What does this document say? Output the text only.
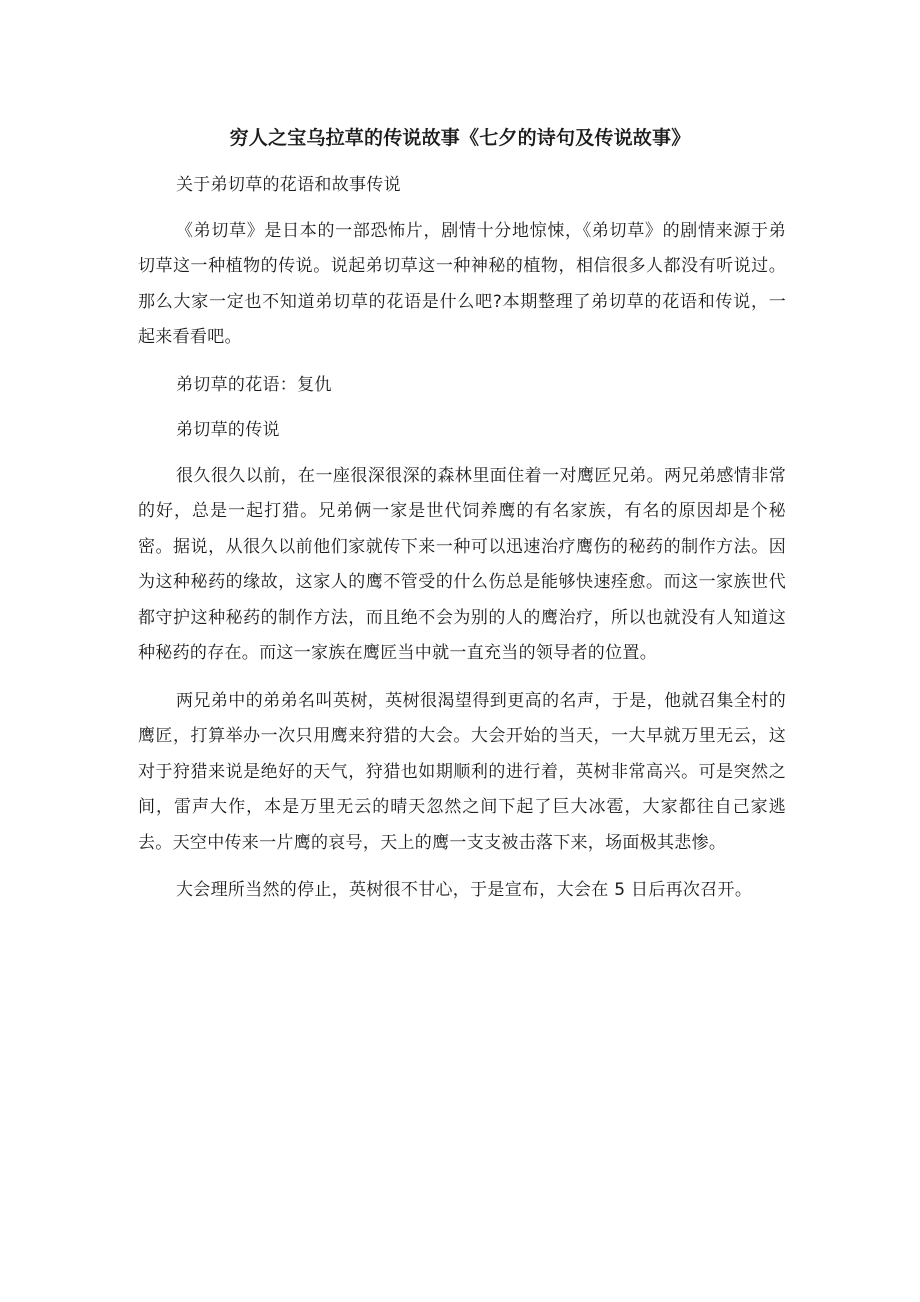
穷人之宝乌拉草的传说故事《七夕的诗句及传说故事》

关于弟切草的花语和故事传说

《弟切草》是日本的一部恐怖片，剧情十分地惊悚，《弟切草》的剧情来源于弟切草这一种植物的传说。说起弟切草这一种神秘的植物，相信很多人都没有听说过。那么大家一定也不知道弟切草的花语是什么吧?本期整理了弟切草的花语和传说，一起来看看吧。

弟切草的花语：复仇

弟切草的传说

很久很久以前，在一座很深很深的森林里面住着一对鹰匠兄弟。两兄弟感情非常的好，总是一起打猎。兄弟俩一家是世代饲养鹰的有名家族，有名的原因却是个秘密。据说，从很久以前他们家就传下来一种可以迅速治疗鹰伤的秘药的制作方法。因为这种秘药的缘故，这家人的鹰不管受的什么伤总是能够快速痊愈。而这一家族世代都守护这种秘药的制作方法，而且绝不会为别的人的鹰治疗，所以也就没有人知道这种秘药的存在。而这一家族在鹰匠当中就一直充当的领导者的位置。

两兄弟中的弟弟名叫英树，英树很渴望得到更高的名声，于是，他就召集全村的鹰匠，打算举办一次只用鹰来狩猎的大会。大会开始的当天，一大早就万里无云，这对于狩猎来说是绝好的天气，狩猎也如期顺利的进行着，英树非常高兴。可是突然之间，雷声大作，本是万里无云的晴天忽然之间下起了巨大冰雹，大家都往自己家逃去。天空中传来一片鹰的哀号，天上的鹰一支支被击落下来，场面极其悲惨。

大会理所当然的停止，英树很不甘心，于是宣布，大会在 5 日后再次召开。
